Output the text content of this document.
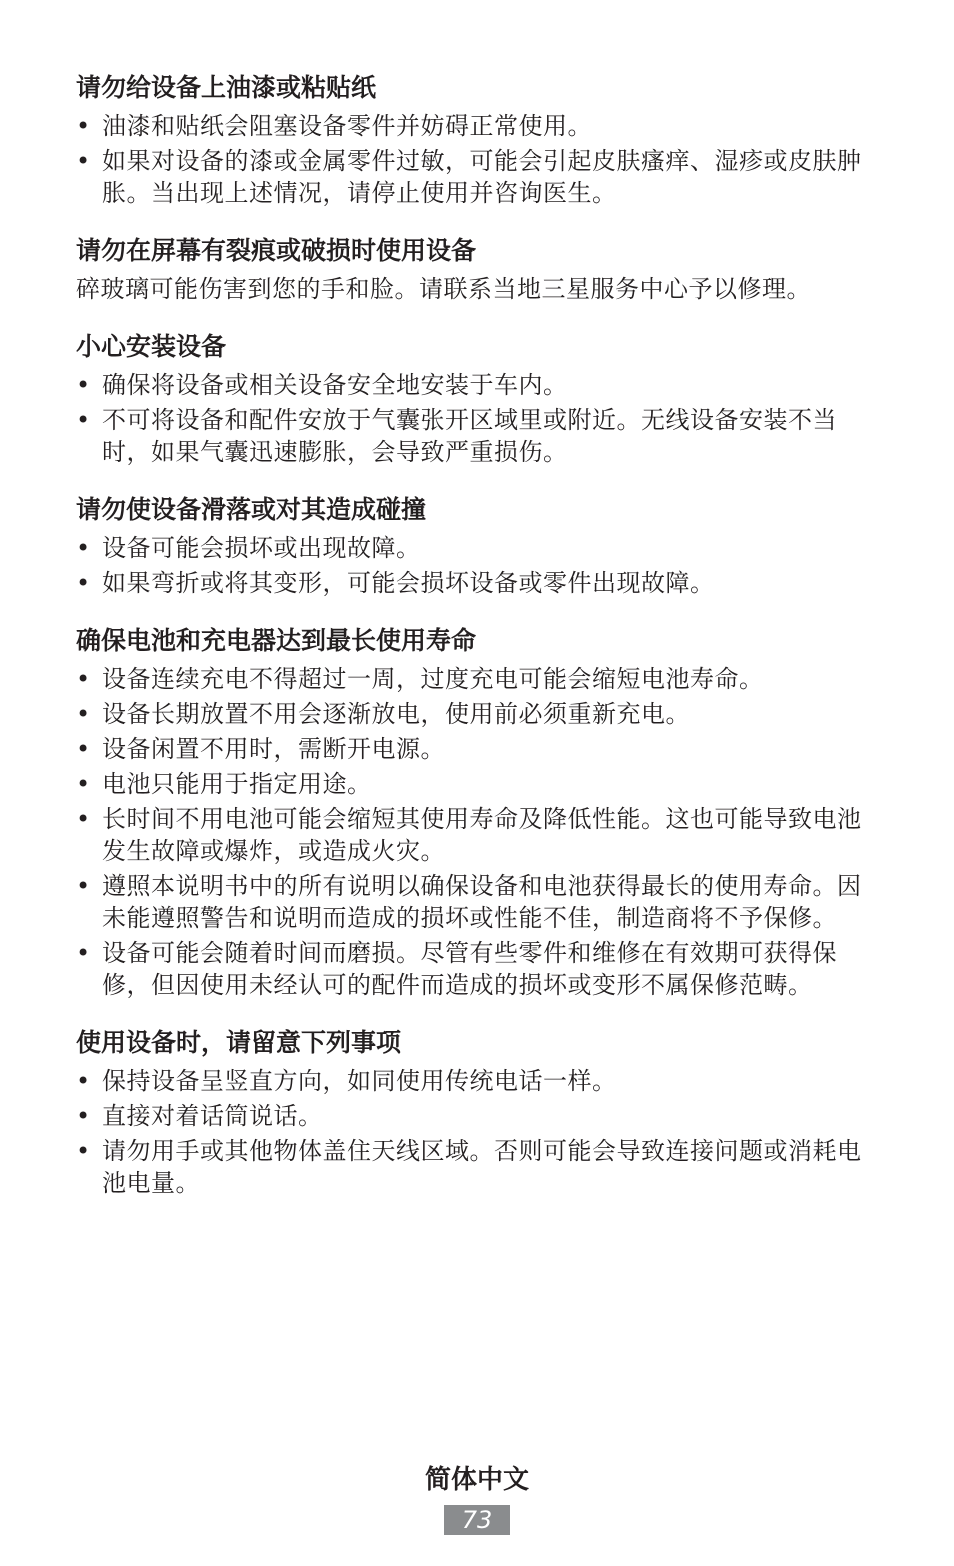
请勿给设备上油漆或粘贴纸
• 油漆和贴纸会阻塞设备零件并妨碍正常使用。
• 如果对设备的漆或金属零件过敏，可能会引起皮肤瘙痒、湿疹或皮肤肿胀。当出现上述情况，请停止使用并咨询医生。
请勿在屏幕有裂痕或破损时使用设备
碎玻璃可能伤害到您的手和脸。请联系当地三星服务中心予以修理。
小心安装设备
• 确保将设备或相关设备安全地安装于车内。
• 不可将设备和配件安放于气囊张开区域里或附近。无线设备安装不当时，如果气囊迅速膨胀，会导致严重损伤。
请勿使设备滑落或对其造成碰撞
• 设备可能会损坏或出现故障。
• 如果弯折或将其变形，可能会损坏设备或零件出现故障。
确保电池和充电器达到最长使用寿命
• 设备连续充电不得超过一周，过度充电可能会缩短电池寿命。
• 设备长期放置不用会逐渐放电，使用前必须重新充电。
• 设备闲置不用时，需断开电源。
• 电池只能用于指定用途。
• 长时间不用电池可能会缩短其使用寿命及降低性能。这也可能导致电池发生故障或爆炸，或造成火灾。
• 遵照本说明书中的所有说明以确保设备和电池获得最长的使用寿命。因未能遵照警告和说明而造成的损坏或性能不佳，制造商将不予保修。
• 设备可能会随着时间而磨损。尽管有些零件和维修在有效期可获得保修，但因使用未经认可的配件而造成的损坏或变形不属保修范畴。
使用设备时，请留意下列事项
• 保持设备呈竖直方向，如同使用传统电话一样。
• 直接对着话筒说话。
• 请勿用手或其他物体盖住天线区域。否则可能会导致连接问题或消耗电池电量。
简体中文
73
